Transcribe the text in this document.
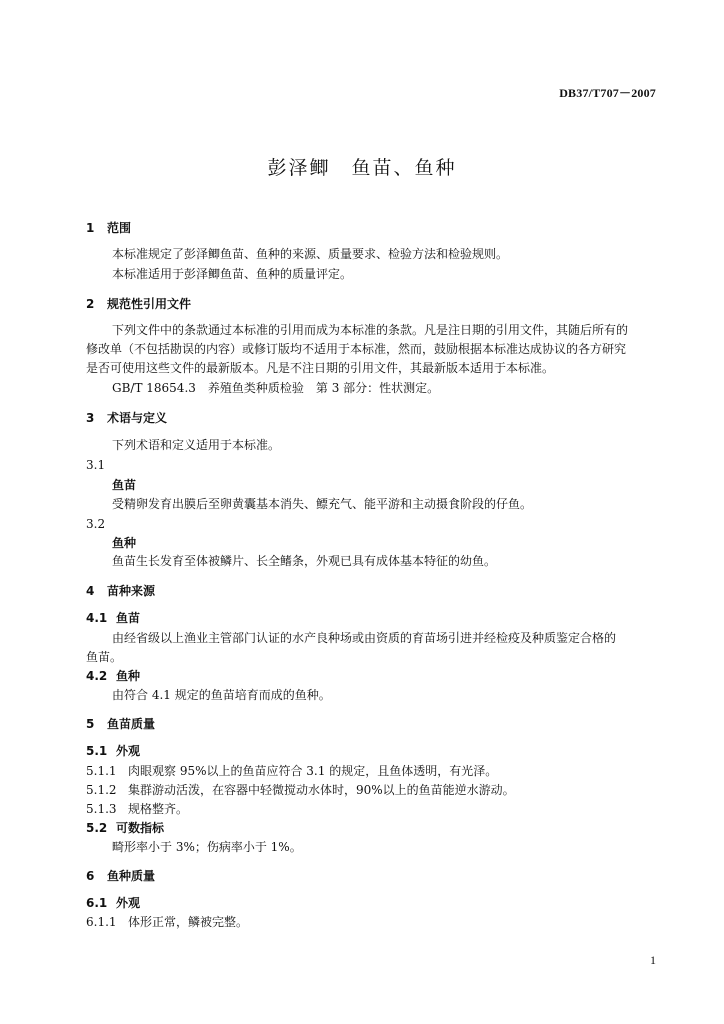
DB37/T707－2007
彭泽鲫　鱼苗、鱼种
1 范围
本标准规定了彭泽鲫鱼苗、鱼种的来源、质量要求、检验方法和检验规则。
本标准适用于彭泽鲫鱼苗、鱼种的质量评定。
2 规范性引用文件
下列文件中的条款通过本标准的引用而成为本标准的条款。凡是注日期的引用文件，其随后所有的
修改单（不包括勘误的内容）或修订版均不适用于本标准，然而，鼓励根据本标准达成协议的各方研究
是否可使用这些文件的最新版本。凡是不注日期的引用文件，其最新版本适用于本标准。
GB/T 18654.3　养殖鱼类种质检验　第 3 部分：性状测定。
3 术语与定义
下列术语和定义适用于本标准。
3.1
鱼苗
受精卵发育出膜后至卵黄囊基本消失、鳔充气、能平游和主动摄食阶段的仔鱼。
3.2
鱼种
鱼苗生长发育至体被鳞片、长全鳍条，外观已具有成体基本特征的幼鱼。
4 苗种来源
4.1 鱼苗
由经省级以上渔业主管部门认证的水产良种场或由资质的育苗场引进并经检疫及种质鉴定合格的
鱼苗。
4.2 鱼种
由符合 4.1 规定的鱼苗培育而成的鱼种。
5 鱼苗质量
5.1 外观
5.1.1 肉眼观察 95%以上的鱼苗应符合 3.1 的规定，且鱼体透明，有光泽。
5.1.2 集群游动活泼，在容器中轻微搅动水体时，90%以上的鱼苗能逆水游动。
5.1.3 规格整齐。
5.2 可数指标
畸形率小于 3%；伤病率小于 1%。
6 鱼种质量
6.1 外观
6.1.1 体形正常，鳞被完整。
1
